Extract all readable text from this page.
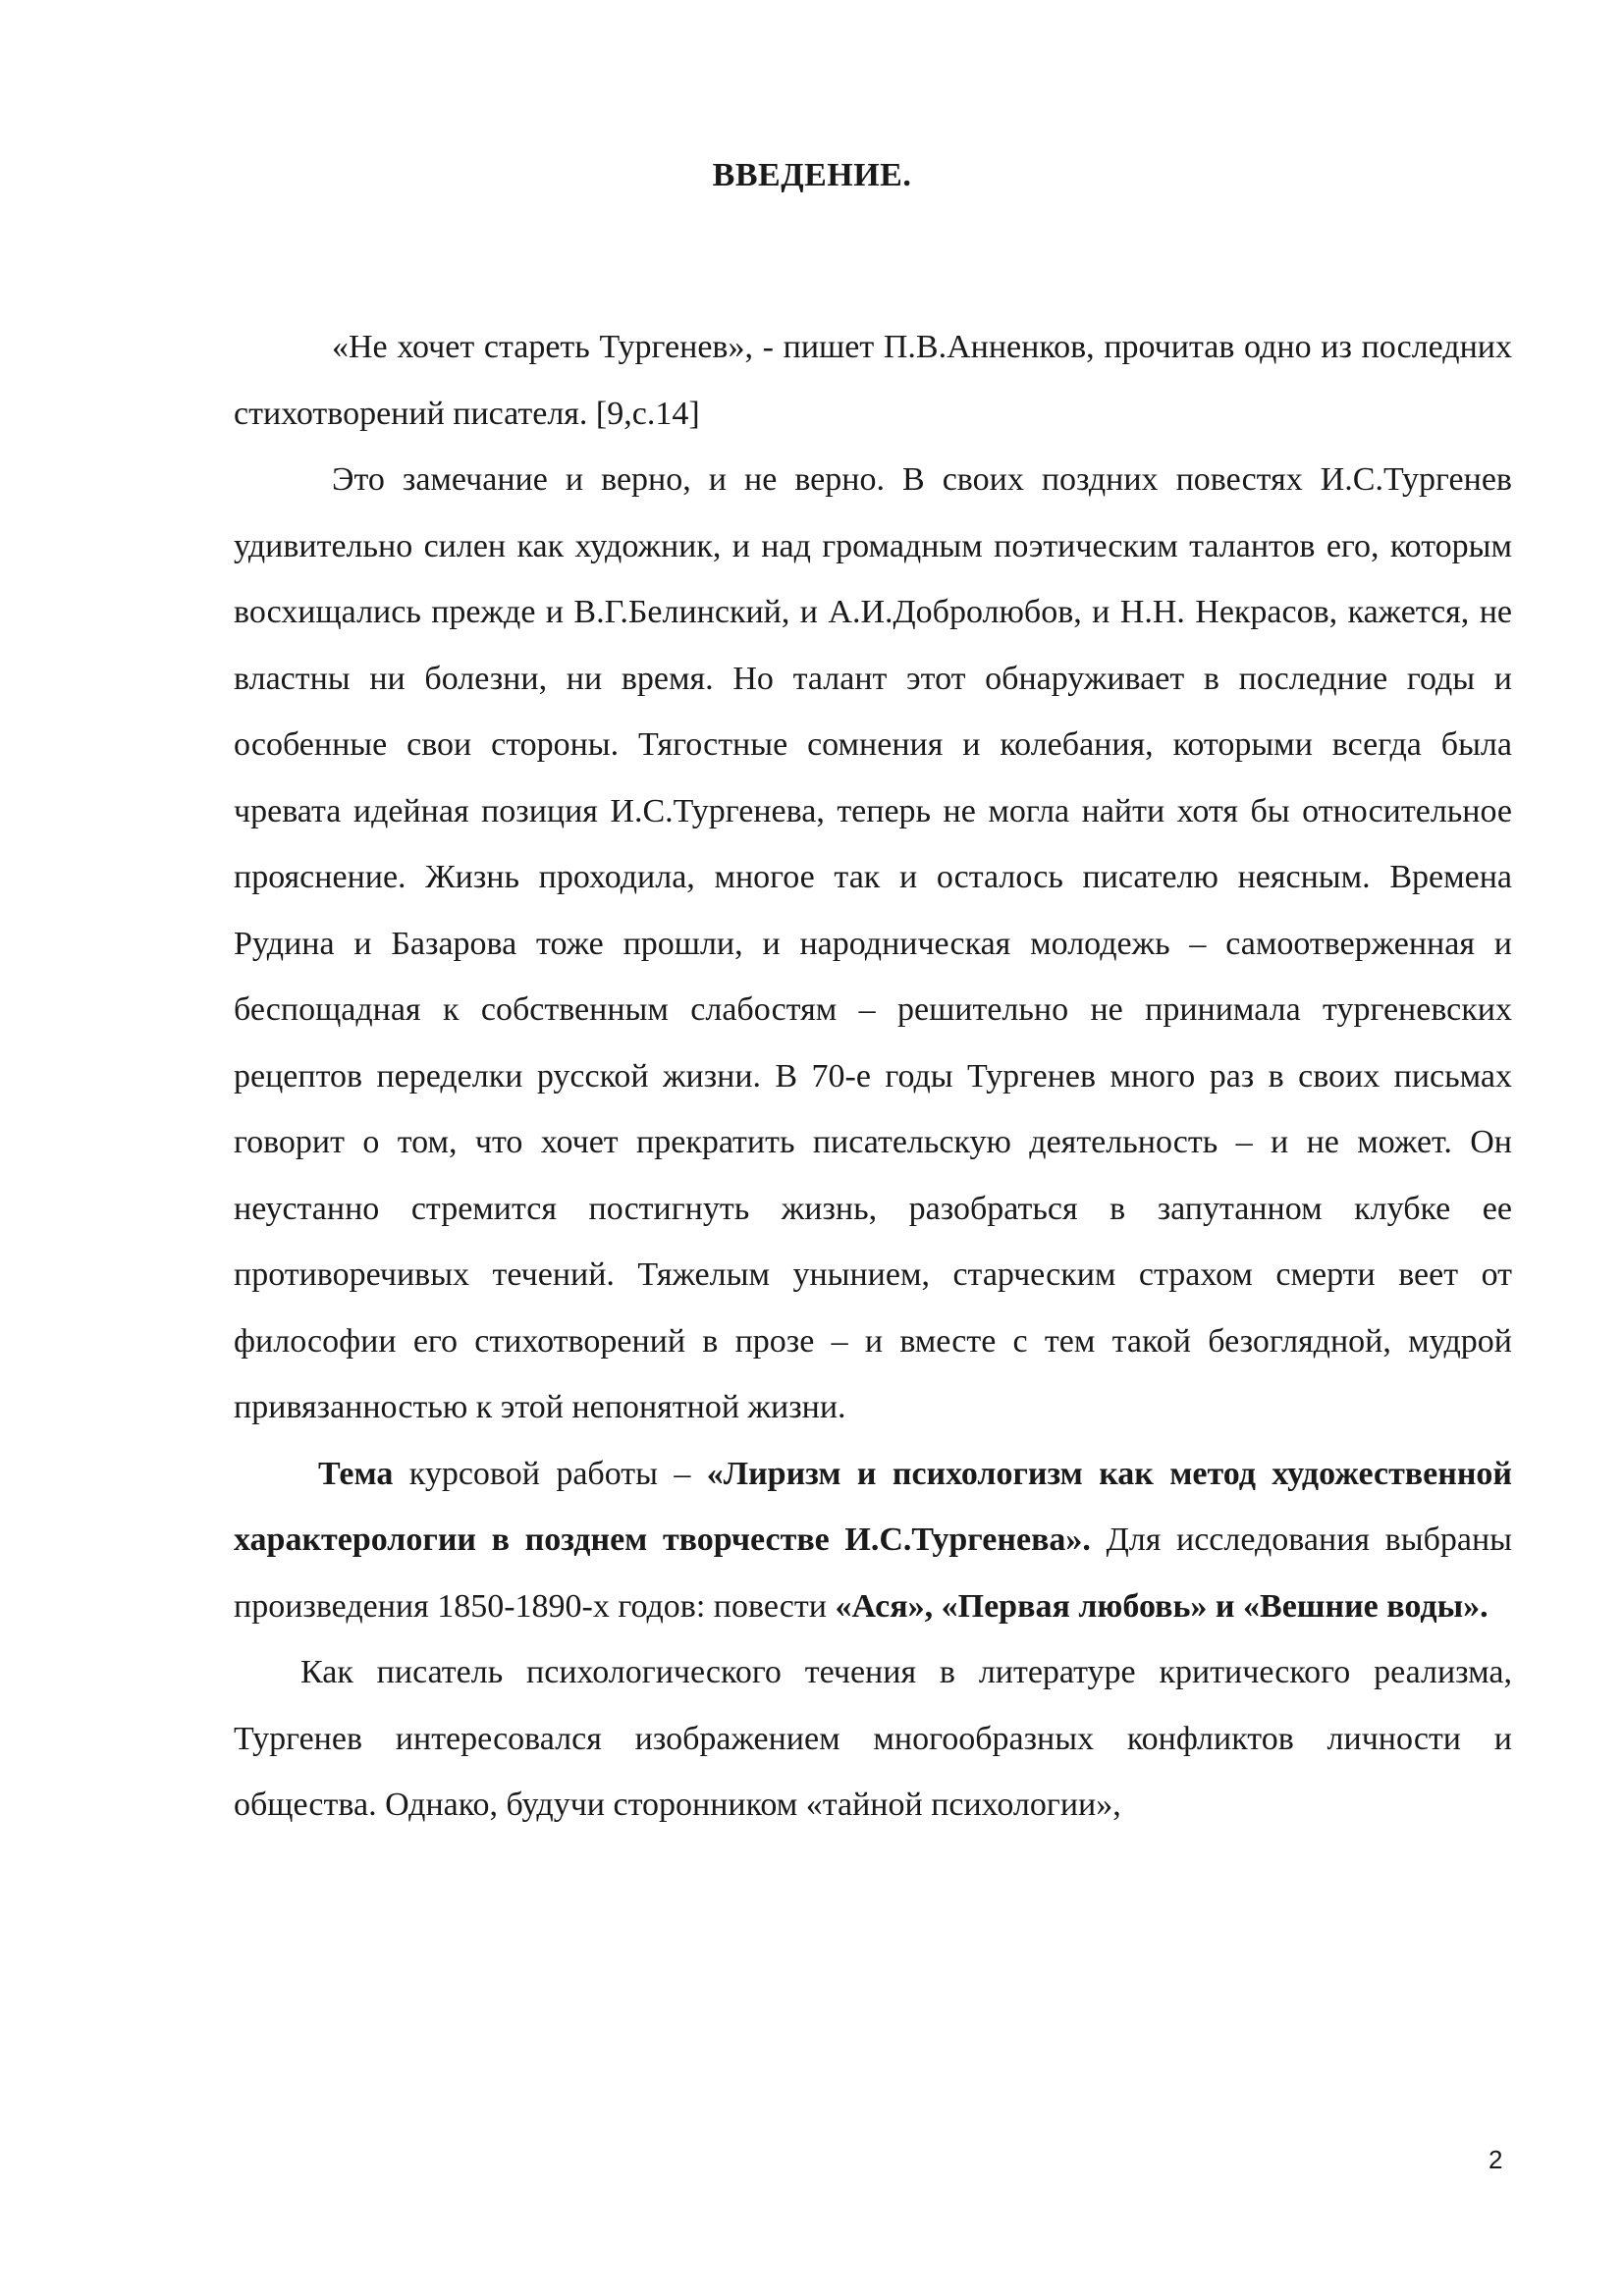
ВВЕДЕНИЕ.

«Не хочет стареть Тургенев», - пишет П.В.Анненков, прочитав одно из последних стихотворений писателя. [9,с.14]

Это замечание и верно, и не верно. В своих поздних повестях И.С.Тургенев удивительно силен как художник, и над громадным поэтическим талантов его, которым восхищались прежде и В.Г.Белинский, и А.И.Добролюбов, и Н.Н. Некрасов, кажется, не властны ни болезни, ни время. Но талант этот обнаруживает в последние годы и особенные свои стороны. Тягостные сомнения и колебания, которыми всегда была чревата идейная позиция И.С.Тургенева, теперь не могла найти хотя бы относительное прояснение. Жизнь проходила, многое так и осталось писателю неясным. Времена Рудина и Базарова тоже прошли, и народническая молодежь – самоотверженная и беспощадная к собственным слабостям – решительно не принимала тургеневских рецептов переделки русской жизни. В 70-е годы Тургенев много раз в своих письмах говорит о том, что хочет прекратить писательскую деятельность – и не может. Он неустанно стремится постигнуть жизнь, разобраться в запутанном клубке ее противоречивых течений. Тяжелым унынием, старческим страхом смерти веет от философии его стихотворений в прозе – и вместе с тем такой безоглядной, мудрой привязанностью к этой непонятной жизни.

Тема курсовой работы – «Лиризм и психологизм как метод художественной характерологии в позднем творчестве И.С.Тургенева». Для исследования выбраны произведения 1850-1890-х годов: повести «Ася», «Первая любовь» и «Вешние воды».

Как писатель психологического течения в литературе критического реализма, Тургенев интересовался изображением многообразных конфликтов личности и общества. Однако, будучи сторонником «тайной психологии»,

2
